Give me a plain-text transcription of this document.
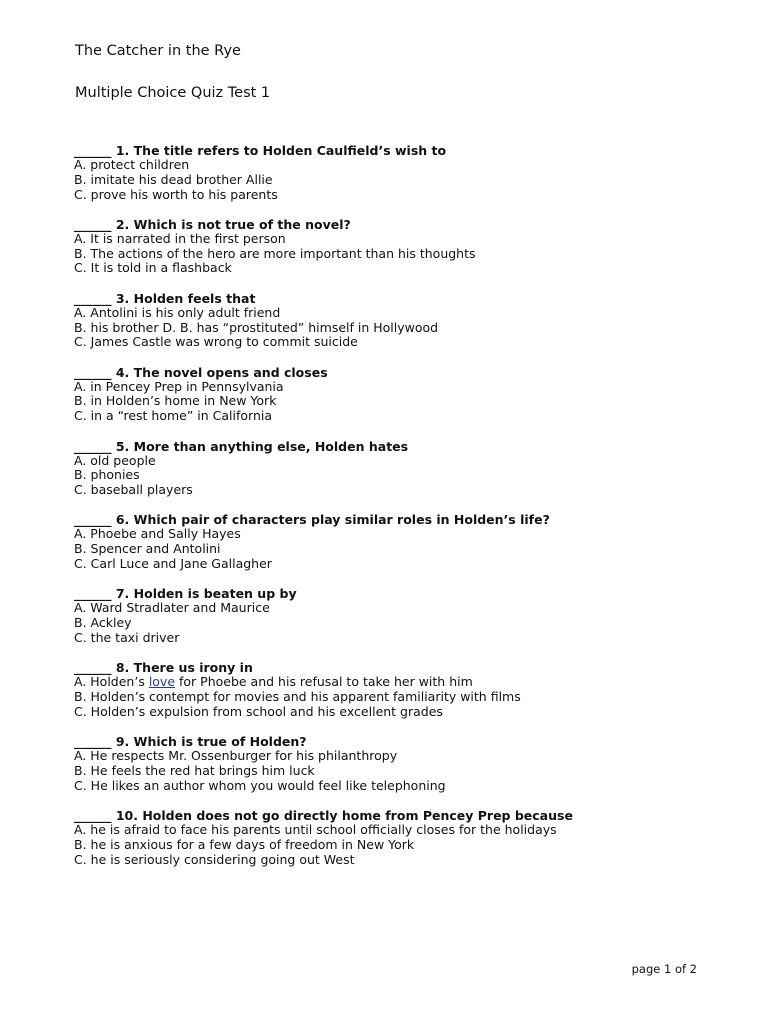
The Catcher in the Rye
Multiple Choice Quiz Test 1
______ 1. The title refers to Holden Caulfield’s wish to
A. protect children
B. imitate his dead brother Allie
C. prove his worth to his parents
______ 2. Which is not true of the novel?
A. It is narrated in the first person
B. The actions of the hero are more important than his thoughts
C. It is told in a flashback
______ 3. Holden feels that
A. Antolini is his only adult friend
B. his brother D. B. has “prostituted” himself in Hollywood
C. James Castle was wrong to commit suicide
______ 4. The novel opens and closes
A. in Pencey Prep in Pennsylvania
B. in Holden’s home in New York
C. in a “rest home” in California
______ 5. More than anything else, Holden hates
A. old people
B. phonies
C. baseball players
______ 6. Which pair of characters play similar roles in Holden’s life?
A. Phoebe and Sally Hayes
B. Spencer and Antolini
C. Carl Luce and Jane Gallagher
______ 7. Holden is beaten up by
A. Ward Stradlater and Maurice
B. Ackley
C. the taxi driver
______ 8. There us irony in
A. Holden’s love for Phoebe and his refusal to take her with him
B. Holden’s contempt for movies and his apparent familiarity with films
C. Holden’s expulsion from school and his excellent grades
______ 9. Which is true of Holden?
A. He respects Mr. Ossenburger for his philanthropy
B. He feels the red hat brings him luck
C. He likes an author whom you would feel like telephoning
______ 10. Holden does not go directly home from Pencey Prep because
A. he is afraid to face his parents until school officially closes for the holidays
B. he is anxious for a few days of freedom in New York
C. he is seriously considering going out West
page 1 of 2
